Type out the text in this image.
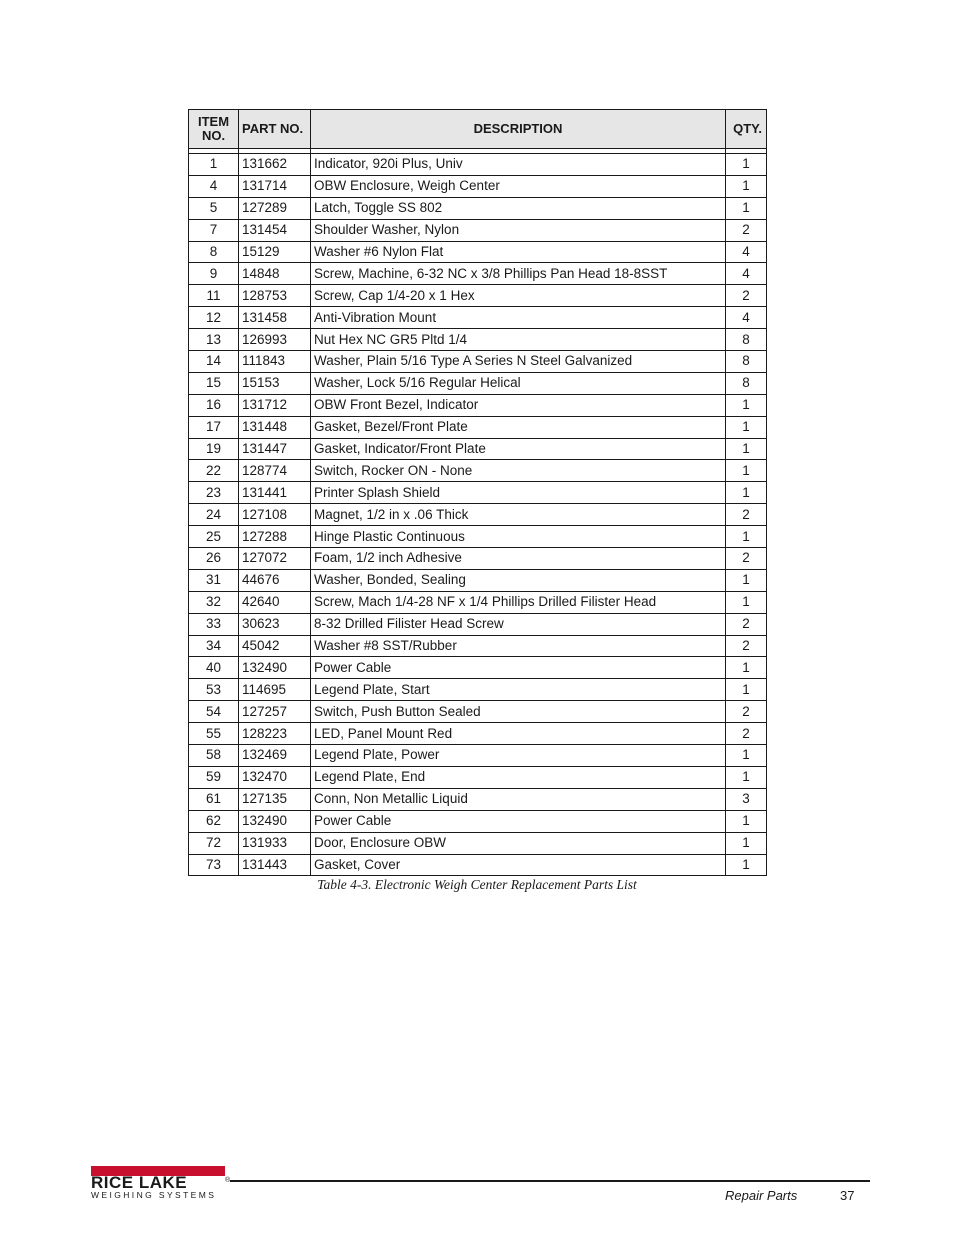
ITEM NO.	PART NO.	DESCRIPTION	QTY.

1	131662	Indicator, 920i Plus, Univ	1
4	131714	OBW Enclosure, Weigh Center	1
5	127289	Latch, Toggle SS 802	1
7	131454	Shoulder Washer, Nylon	2
8	15129	Washer #6 Nylon Flat	4
9	14848	Screw, Machine, 6-32 NC x 3/8 Phillips Pan Head 18-8SST	4
11	128753	Screw, Cap 1/4-20 x 1 Hex	2
12	131458	Anti-Vibration Mount	4
13	126993	Nut Hex NC GR5 Pltd 1/4	8
14	111843	Washer, Plain 5/16 Type A Series N Steel Galvanized	8
15	15153	Washer, Lock 5/16 Regular Helical	8
16	131712	OBW Front Bezel, Indicator	1
17	131448	Gasket, Bezel/Front Plate	1
19	131447	Gasket, Indicator/Front Plate	1
22	128774	Switch, Rocker ON - None	1
23	131441	Printer Splash Shield	1
24	127108	Magnet, 1/2 in x .06 Thick	2
25	127288	Hinge Plastic Continuous	1
26	127072	Foam, 1/2 inch Adhesive	2
31	44676	Washer, Bonded, Sealing	1
32	42640	Screw, Mach 1/4-28 NF x 1/4 Phillips Drilled Filister Head	1
33	30623	8-32 Drilled Filister Head Screw	2
34	45042	Washer #8 SST/Rubber	2
40	132490	Power Cable	1
53	114695	Legend Plate, Start	1
54	127257	Switch, Push Button Sealed	2
55	128223	LED, Panel Mount Red	2
58	132469	Legend Plate, Power	1
59	132470	Legend Plate, End	1
61	127135	Conn, Non Metallic Liquid	3
62	132490	Power Cable	1
72	131933	Door, Enclosure OBW	1
73	131443	Gasket, Cover	1
Table 4-3. Electronic Weigh Center Replacement Parts List
RICE LAKE	®
WEIGHING SYSTEMS	Repair Parts	37
